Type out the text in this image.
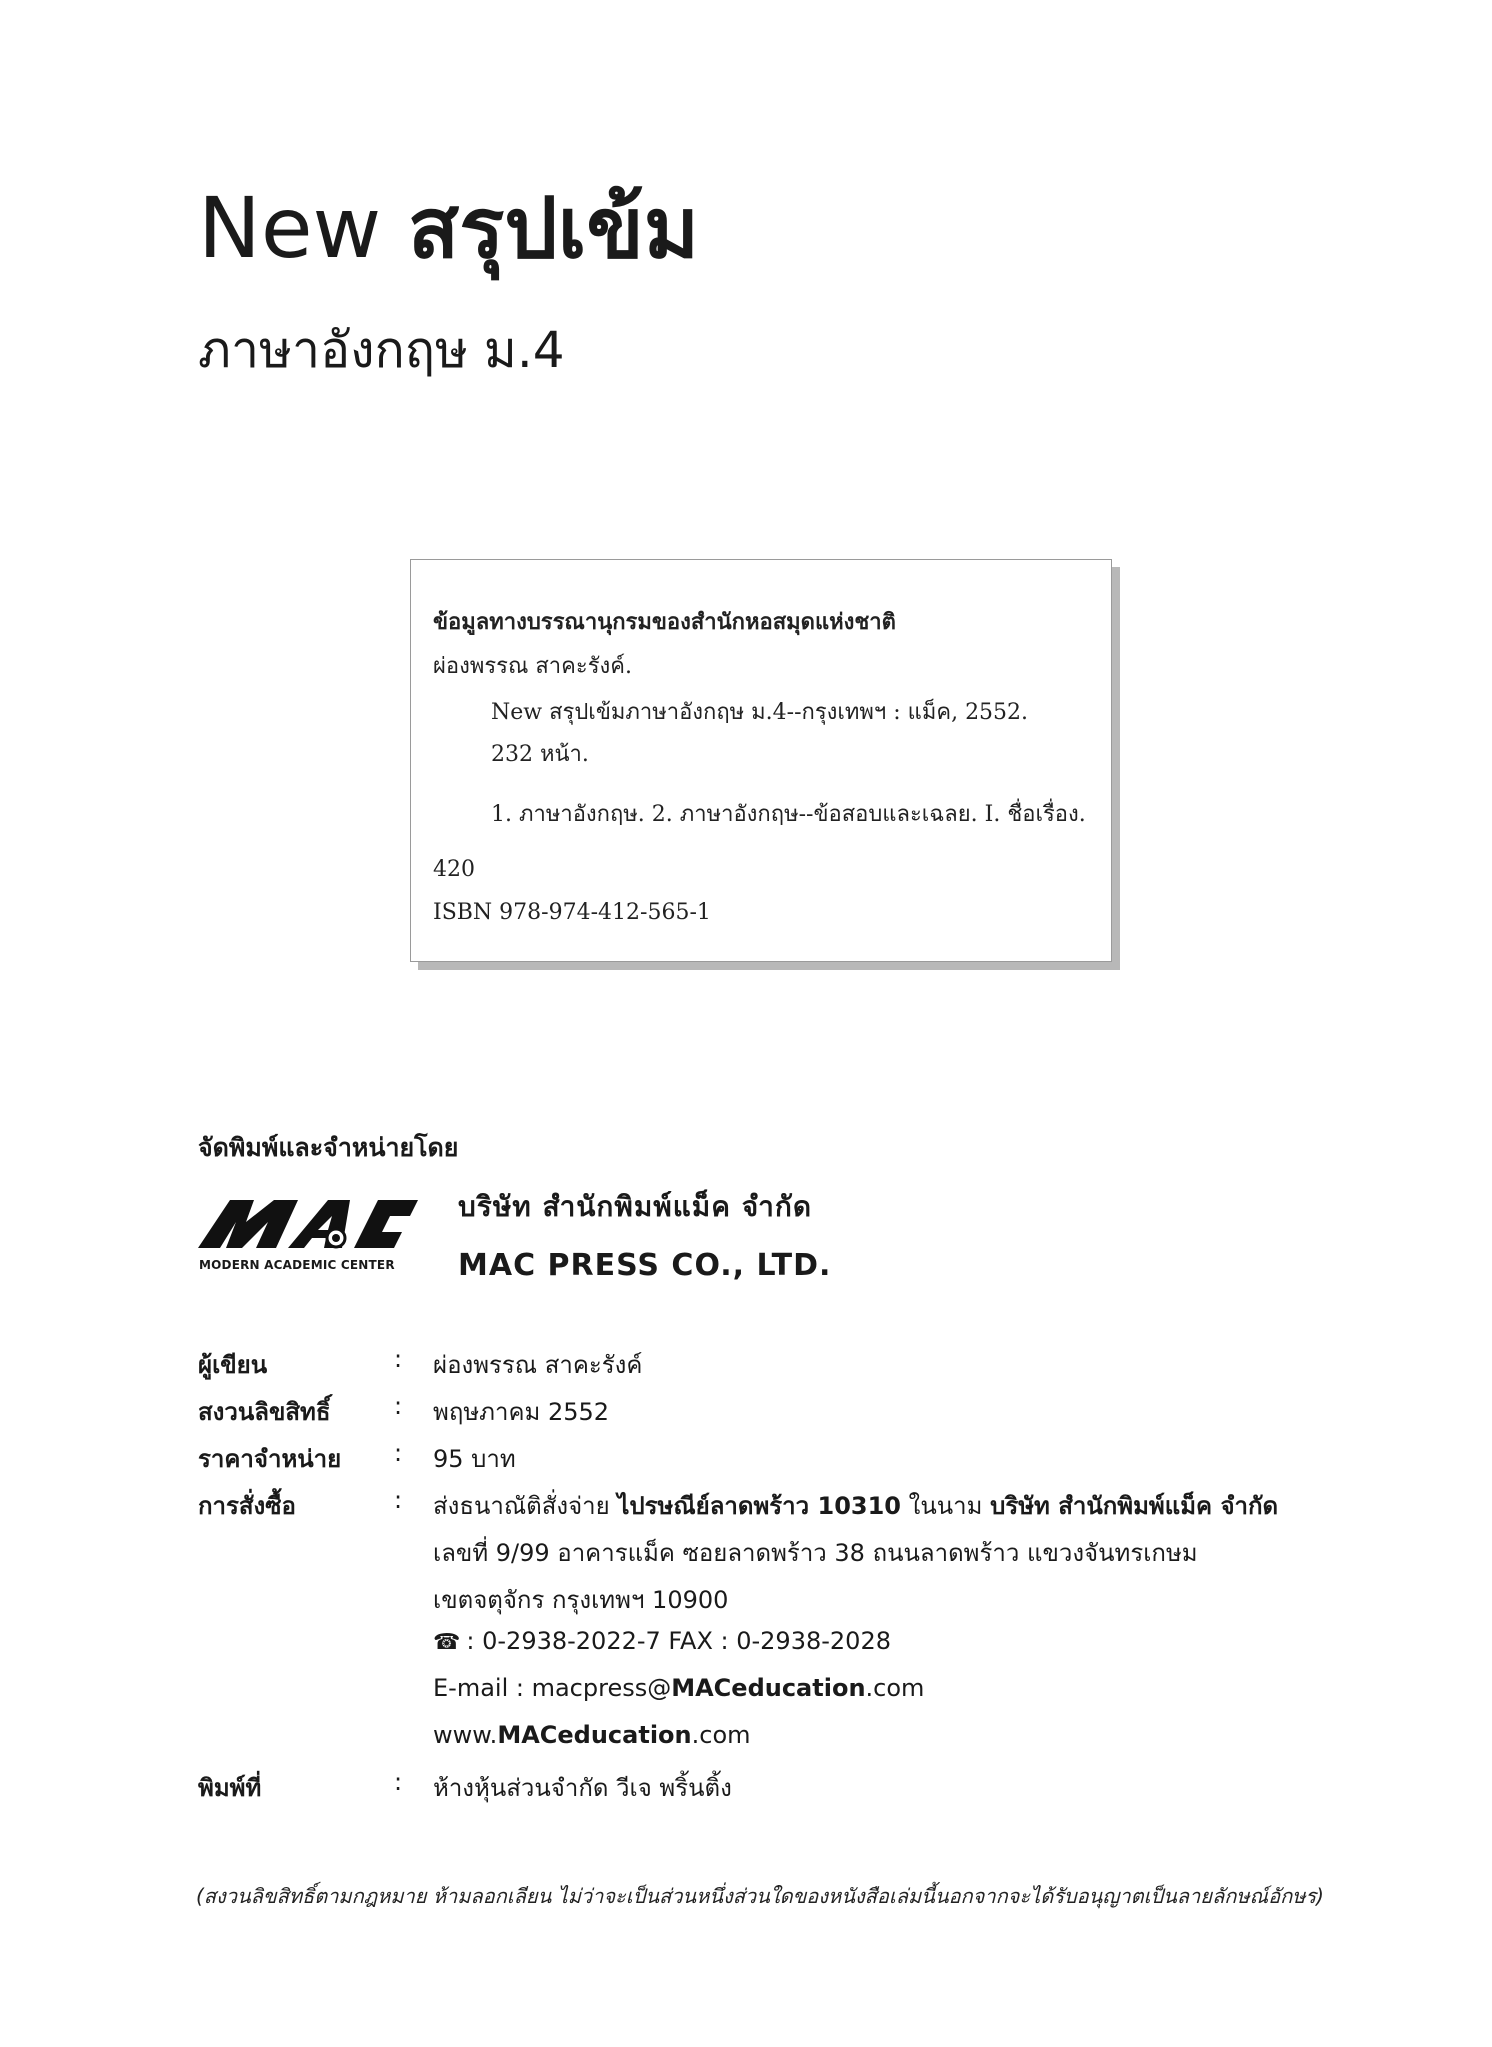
New สรุปเข้ม
ภาษาอังกฤษ ม.4
ข้อมูลทางบรรณานุกรมของสำนักหอสมุดแห่งชาติ
ผ่องพรรณ สาคะรังค์.
New สรุปเข้มภาษาอังกฤษ ม.4--กรุงเทพฯ : แม็ค, 2552.
232 หน้า.
1. ภาษาอังกฤษ. 2. ภาษาอังกฤษ--ข้อสอบและเฉลย. I. ชื่อเรื่อง.
420
ISBN 978-974-412-565-1
จัดพิมพ์และจำหน่ายโดย
MODERN ACADEMIC CENTER
บริษัท สำนักพิมพ์แม็ค จำกัด
MAC PRESS CO., LTD.
ผู้เขียน	: ผ่องพรรณ สาคะรังค์
สงวนลิขสิทธิ์	: พฤษภาคม 2552
ราคาจำหน่าย : 95 บาท
การสั่งซื้อ	: ส่งธนาณัติสั่งจ่าย ไปรษณีย์ลาดพร้าว 10310 ในนาม บริษัท สำนักพิมพ์แม็ค จำกัด
เลขที่ 9/99 อาคารแม็ค ซอยลาดพร้าว 38 ถนนลาดพร้าว แขวงจันทรเกษม
เขตจตุจักร กรุงเทพฯ 10900
☎ : 0-2938-2022-7 FAX : 0-2938-2028
E-mail : macpress@MACeducation.com
www.MACeducation.com
พิมพ์ที่	: ห้างหุ้นส่วนจำกัด วีเจ พริ้นติ้ง
(สงวนลิขสิทธิ์ตามกฎหมาย ห้ามลอกเลียน ไม่ว่าจะเป็นส่วนหนึ่งส่วนใดของหนังสือเล่มนี้นอกจากจะได้รับอนุญาตเป็นลายลักษณ์อักษร)
